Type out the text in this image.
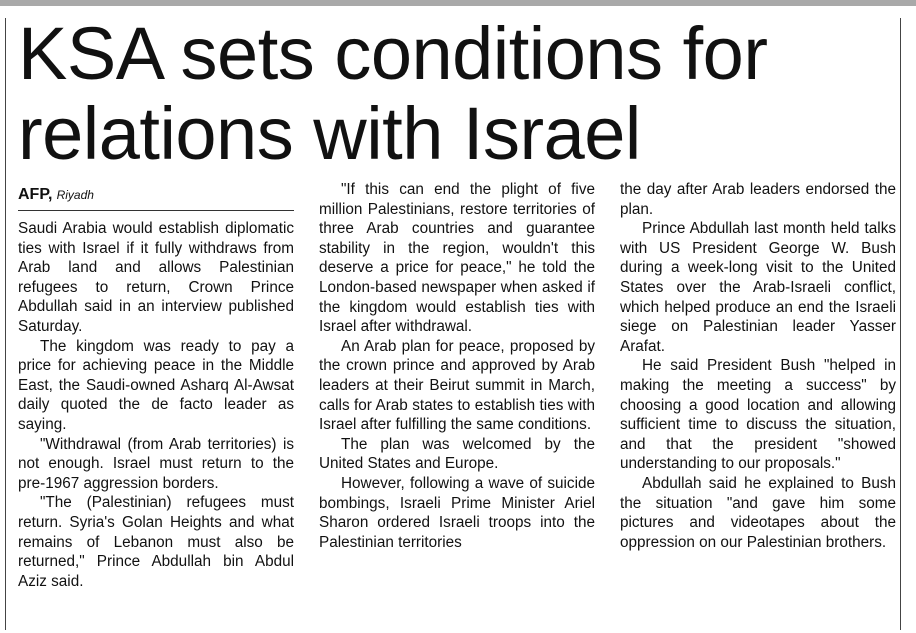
KSA sets conditions for relations with Israel
AFP, Riyadh

Saudi Arabia would establish diplomatic ties with Israel if it fully withdraws from Arab land and allows Palestinian refugees to return, Crown Prince Abdullah said in an interview published Saturday.

The kingdom was ready to pay a price for achieving peace in the Middle East, the Saudi-owned Asharq Al-Awsat daily quoted the de facto leader as saying.

"Withdrawal (from Arab territories) is not enough. Israel must return to the pre-1967 aggression borders.

"The (Palestinian) refugees must return. Syria's Golan Heights and what remains of Lebanon must also be returned," Prince Abdullah bin Abdul Aziz said.

"If this can end the plight of five million Palestinians, restore territories of three Arab countries and guarantee stability in the region, wouldn't this deserve a price for peace," he told the London-based newspaper when asked if the kingdom would establish ties with Israel after withdrawal.

An Arab plan for peace, proposed by the crown prince and approved by Arab leaders at their Beirut summit in March, calls for Arab states to establish ties with Israel after fulfilling the same conditions.

The plan was welcomed by the United States and Europe.

However, following a wave of suicide bombings, Israeli Prime Minister Ariel Sharon ordered Israeli troops into the Palestinian territories

the day after Arab leaders endorsed the plan.

Prince Abdullah last month held talks with US President George W. Bush during a week-long visit to the United States over the Arab-Israeli conflict, which helped produce an end the Israeli siege on Palestinian leader Yasser Arafat.

He said President Bush "helped in making the meeting a success" by choosing a good location and allowing sufficient time to discuss the situation, and that the president "showed understanding to our proposals."

Abdullah said he explained to Bush the situation "and gave him some pictures and videotapes about the oppression on our Palestinian brothers.
